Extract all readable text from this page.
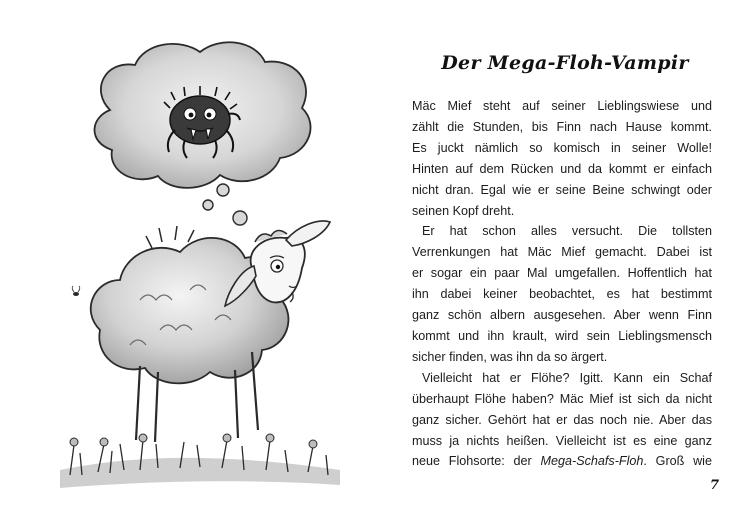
Der Mega-Floh-Vampir
Mäc Mief steht auf seiner Lieblingswiese und
zählt die Stunden, bis Finn nach Hause kommt.
Es juckt nämlich so komisch in seiner Wolle!
Hinten auf dem Rücken und da kommt er einfach
nicht dran. Egal wie er seine Beine schwingt oder
seinen Kopf dreht.
Er hat schon alles versucht. Die tollsten
Verrenkungen hat Mäc Mief gemacht. Dabei ist
er sogar ein paar Mal umgefallen. Hoffentlich hat
ihn dabei keiner beobachtet, es hat bestimmt
ganz schön albern ausgesehen. Aber wenn Finn
kommt und ihn krault, wird sein Lieblingsmensch
sicher finden, was ihn da so ärgert.
Vielleicht hat er Flöhe? Igitt. Kann ein Schaf
überhaupt Flöhe haben? Mäc Mief ist sich da nicht
ganz sicher. Gehört hat er das noch nie. Aber das
muss ja nichts heißen. Vielleicht ist es eine ganz
neue Flohsorte: der Mega-Schafs-Floh. Groß wie
7
